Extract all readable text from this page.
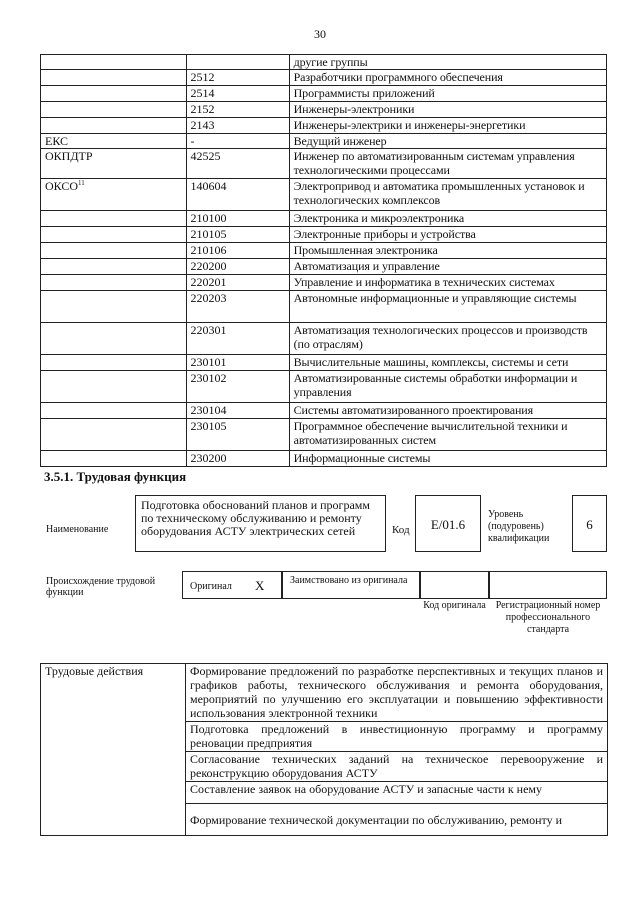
30
		другие группы
	2512	Разработчики программного обеспечения
	2514	Программисты приложений
	2152	Инженеры-электроники
	2143	Инженеры-электрики и инженеры-энергетики
ЕКС	-	Ведущий инженер
ОКПДТР	42525	Инженер по автоматизированным системам управления технологическими процессами
ОКСО$^{11}$	140604	Электропривод и автоматика промышленных установок и технологических комплексов
	210100	Электроника и микроэлектроника
	210105	Электронные приборы и устройства
	210106	Промышленная электроника
	220200	Автоматизация и управление
	220201	Управление и информатика в технических системах
	220203	Автономные информационные и управляющие системы
	220301	Автоматизация технологических процессов и производств (по отраслям)
	230101	Вычислительные машины, комплексы, системы и сети
	230102	Автоматизированные системы обработки информации и управления
	230104	Системы автоматизированного проектирования
	230105	Программное обеспечение вычислительной техники и автоматизированных систем
	230200	Информационные системы
3.5.1. Трудовая функция
Наименование
Подготовка обоснований планов и программ по техническому обслуживанию и ремонту оборудования АСТУ электрических сетей	Код	Е/01.6
Уровень (подуровень) квалификации
6
Происхождение трудовой функции
Оригинал X	Заимствовано из оригинала
Код оригинала Регистрационный номер профессионального стандарта
Трудовые действия	Формирование предложений по разработке перспективных и текущих планов и графиков работы, технического обслуживания и ремонта оборудования, мероприятий по улучшению его эксплуатации и повышению эффективности использования электронной техники
Подготовка предложений в инвестиционную программу и программу реновации предприятия
Согласование технических заданий на техническое перевооружение и реконструкцию оборудования АСТУ
Составление заявок на оборудование АСТУ и запасные части к нему
Формирование технической документации по обслуживанию, ремонту и
